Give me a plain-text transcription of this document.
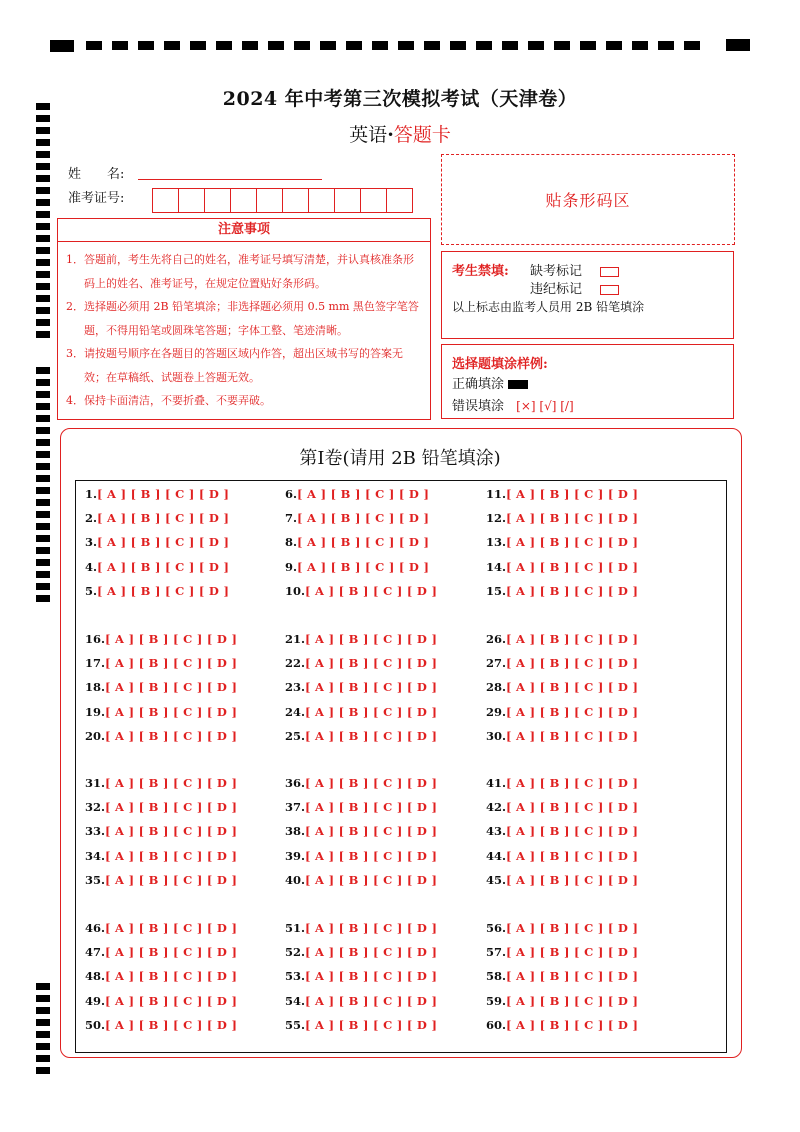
2024 年中考第三次模拟考试（天津卷）
英语·答题卡
姓　　名:
准考证号:	贴条形码区
注意事项
1．答题前，考生先将自己的姓名，准考证号填写清楚，并认真核准条形码上的姓名、准考证号，在规定位置贴好条形码。
2．选择题必须用 2B 铅笔填涂；非选择题必须用 0.5 mm 黑色签字笔答题，不得用铅笔或圆珠笔答题；字体工整、笔迹清晰。
3．请按题号顺序在各题目的答题区域内作答，超出区域书写的答案无效；在草稿纸、试题卷上答题无效。
4．保持卡面清洁，不要折叠、不要弄破。
考生禁填: 缺考标记
违纪标记
以上标志由监考人员用 2B 铅笔填涂
选择题填涂样例:
正确填涂
错误填涂 [×] [√] [/]
第Ⅰ卷(请用 2B 铅笔填涂)
1.[ A ] [ B ] [ C ] [ D ]
2.[ A ] [ B ] [ C ] [ D ]
3.[ A ] [ B ] [ C ] [ D ]
4.[ A ] [ B ] [ C ] [ D ]
5.[ A ] [ B ] [ C ] [ D ]
6.[ A ] [ B ] [ C ] [ D ]
7.[ A ] [ B ] [ C ] [ D ]
8.[ A ] [ B ] [ C ] [ D ]
9.[ A ] [ B ] [ C ] [ D ]
10.[ A ] [ B ] [ C ] [ D ]
11.[ A ] [ B ] [ C ] [ D ]
12.[ A ] [ B ] [ C ] [ D ]
13.[ A ] [ B ] [ C ] [ D ]
14.[ A ] [ B ] [ C ] [ D ]
15.[ A ] [ B ] [ C ] [ D ]
16.[ A ] [ B ] [ C ] [ D ]
17.[ A ] [ B ] [ C ] [ D ]
18.[ A ] [ B ] [ C ] [ D ]
19.[ A ] [ B ] [ C ] [ D ]
20.[ A ] [ B ] [ C ] [ D ]
21.[ A ] [ B ] [ C ] [ D ]
22.[ A ] [ B ] [ C ] [ D ]
23.[ A ] [ B ] [ C ] [ D ]
24.[ A ] [ B ] [ C ] [ D ]
25.[ A ] [ B ] [ C ] [ D ]
26.[ A ] [ B ] [ C ] [ D ]
27.[ A ] [ B ] [ C ] [ D ]
28.[ A ] [ B ] [ C ] [ D ]
29.[ A ] [ B ] [ C ] [ D ]
30.[ A ] [ B ] [ C ] [ D ]
31.[ A ] [ B ] [ C ] [ D ]
32.[ A ] [ B ] [ C ] [ D ]
33.[ A ] [ B ] [ C ] [ D ]
34.[ A ] [ B ] [ C ] [ D ]
35.[ A ] [ B ] [ C ] [ D ]
36.[ A ] [ B ] [ C ] [ D ]
37.[ A ] [ B ] [ C ] [ D ]
38.[ A ] [ B ] [ C ] [ D ]
39.[ A ] [ B ] [ C ] [ D ]
40.[ A ] [ B ] [ C ] [ D ]
41.[ A ] [ B ] [ C ] [ D ]
42.[ A ] [ B ] [ C ] [ D ]
43.[ A ] [ B ] [ C ] [ D ]
44.[ A ] [ B ] [ C ] [ D ]
45.[ A ] [ B ] [ C ] [ D ]
46.[ A ] [ B ] [ C ] [ D ]
47.[ A ] [ B ] [ C ] [ D ]
48.[ A ] [ B ] [ C ] [ D ]
49.[ A ] [ B ] [ C ] [ D ]
50.[ A ] [ B ] [ C ] [ D ]
51.[ A ] [ B ] [ C ] [ D ]
52.[ A ] [ B ] [ C ] [ D ]
53.[ A ] [ B ] [ C ] [ D ]
54.[ A ] [ B ] [ C ] [ D ]
55.[ A ] [ B ] [ C ] [ D ]
56.[ A ] [ B ] [ C ] [ D ]
57.[ A ] [ B ] [ C ] [ D ]
58.[ A ] [ B ] [ C ] [ D ]
59.[ A ] [ B ] [ C ] [ D ]
60.[ A ] [ B ] [ C ] [ D ]
